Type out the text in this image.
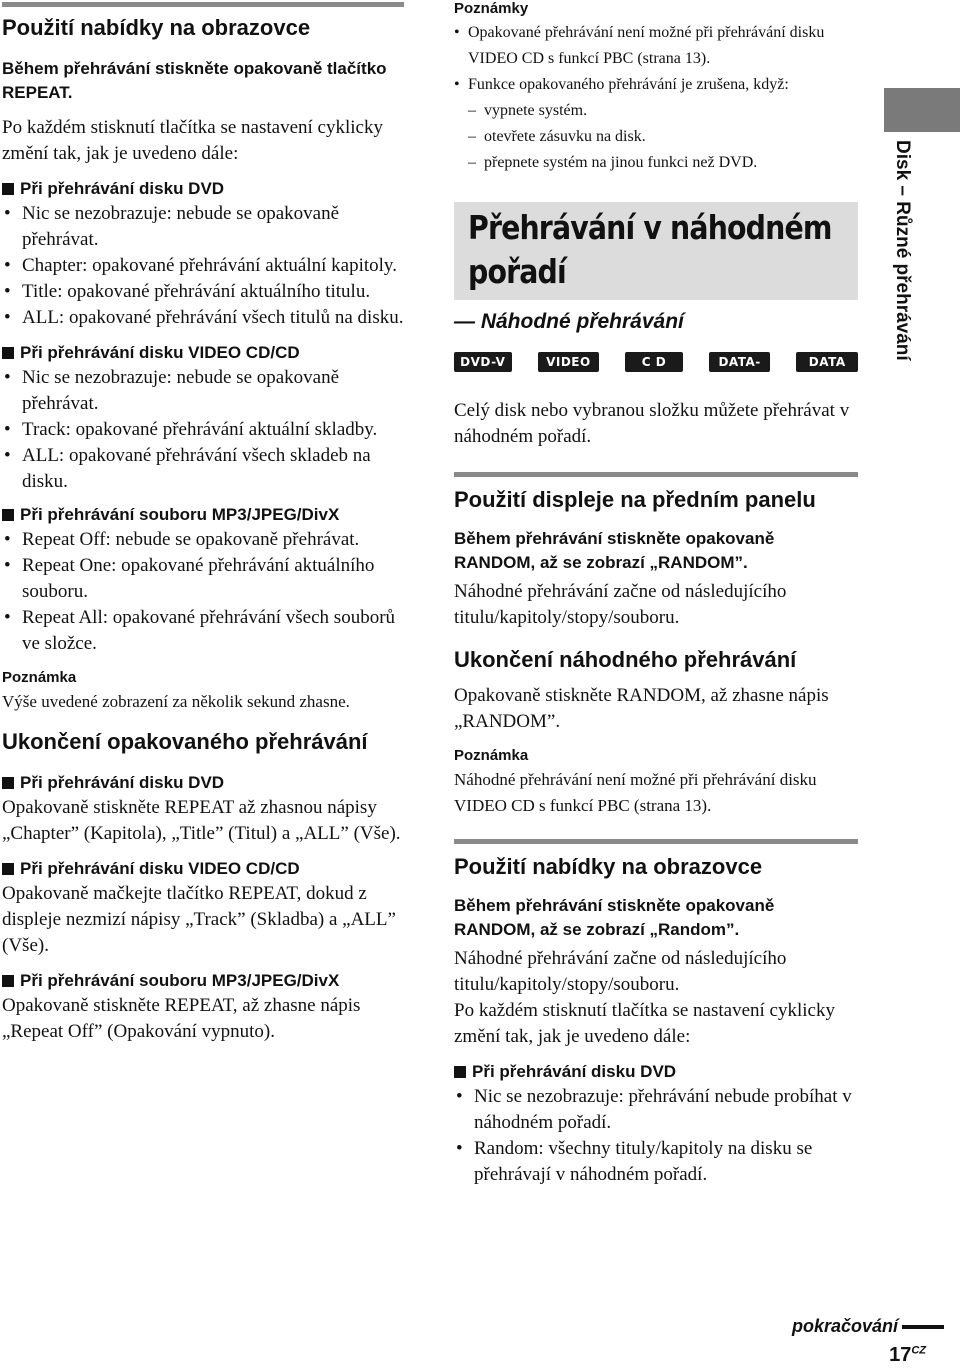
Použití nabídky na obrazovce

Během přehrávání stiskněte opakovaně tlačítko REPEAT.

Po každém stisknutí tlačítka se nastavení cyklicky změní tak, jak je uvedeno dále:

Při přehrávání disku DVD
• Nic se nezobrazuje: nebude se opakovaně přehrávat.
• Chapter: opakované přehrávání aktuální kapitoly.
• Title: opakované přehrávání aktuálního titulu.
• ALL: opakované přehrávání všech titulů na disku.
Při přehrávání disku VIDEO CD/CD
• Nic se nezobrazuje: nebude se opakovaně přehrávat.
• Track: opakované přehrávání aktuální skladby.
• ALL: opakované přehrávání všech skladeb na disku.
Při přehrávání souboru MP3/JPEG/DivX
• Repeat Off: nebude se opakovaně přehrávat.
• Repeat One: opakované přehrávání aktuálního souboru.
• Repeat All: opakované přehrávání všech souborů ve složce.

Poznámka

Výše uvedené zobrazení za několik sekund zhasne.

Ukončení opakovaného přehrávání
Při přehrávání disku DVD

Opakovaně stiskněte REPEAT až zhasnou nápisy „Chapter” (Kapitola), „Title” (Titul) a „ALL” (Vše).

Při přehrávání disku VIDEO CD/CD

Opakovaně mačkejte tlačítko REPEAT, dokud z displeje nezmizí nápisy „Track” (Skladba) a „ALL” (Vše).

Při přehrávání souboru MP3/JPEG/DivX

Opakovaně stiskněte REPEAT, až zhasne nápis „Repeat Off” (Opakování vypnuto).

Poznámky

• Opakované přehrávání není možné při přehrávání disku VIDEO CD s funkcí PBC (strana 13).
• Funkce opakovaného přehrávání je zrušena, když:
– vypnete systém.
– otevřete zásuvku na disk.
– přepnete systém na jinou funkci než DVD.
Přehrávání v náhodném pořadí

— Náhodné přehrávání

DVD-V	VIDEO CD
C D	DATA-CD
DATA DVD

Celý disk nebo vybranou složku můžete přehrávat v náhodném pořadí.

Použití displeje na předním panelu

Během přehrávání stiskněte opakovaně RANDOM, až se zobrazí „RANDOM”.

Náhodné přehrávání začne od následujícího titulu/kapitoly/stopy/souboru.

Ukončení náhodného přehrávání

Opakovaně stiskněte RANDOM, až zhasne nápis „RANDOM”.

Poznámka

Náhodné přehrávání není možné při přehrávání disku VIDEO CD s funkcí PBC (strana 13).

Použití nabídky na obrazovce

Během přehrávání stiskněte opakovaně RANDOM, až se zobrazí „Random”.

Náhodné přehrávání začne od následujícího titulu/kapitoly/stopy/souboru.

Po každém stisknutí tlačítka se nastavení cyklicky změní tak, jak je uvedeno dále:

Při přehrávání disku DVD
• Nic se nezobrazuje: přehrávání nebude probíhat v náhodném pořadí.
• Random: všechny tituly/kapitoly na disku se přehrávají v náhodném pořadí.
Disk – Různé přehrávání
pokračování
$17^{CZ}$
